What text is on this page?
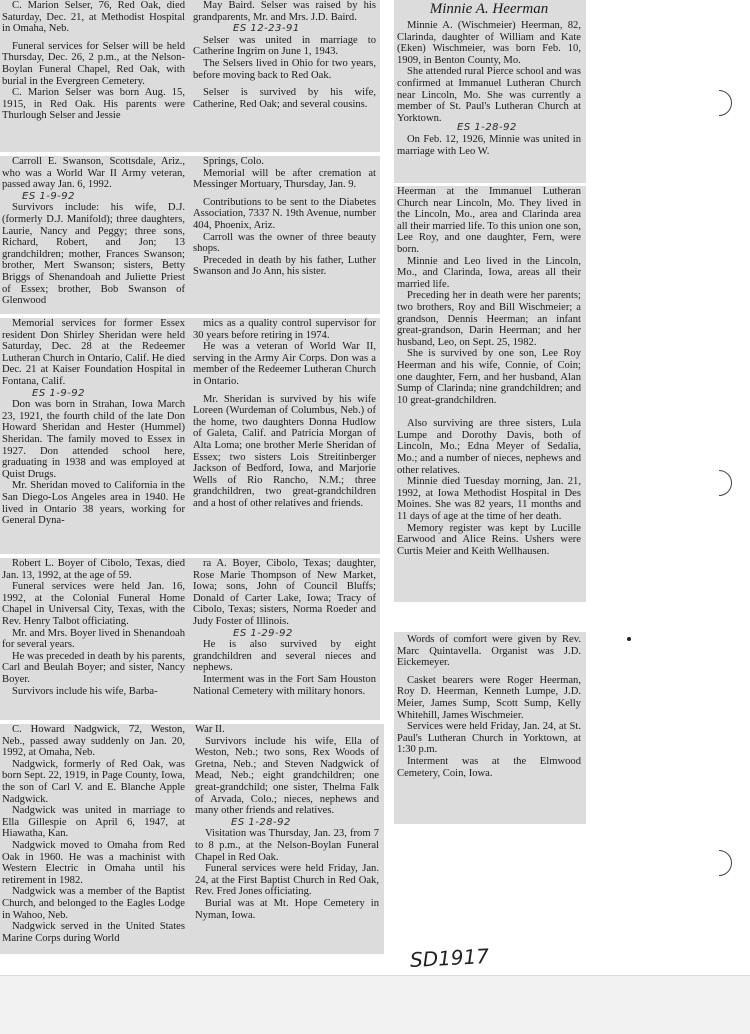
C. Marion Selser, 76, Red Oak, died Saturday, Dec. 21, at Methodist Hospital in Omaha, Neb.

Funeral services for Selser will be held Thursday, Dec. 26, 2 p.m., at the Nelson-Boylan Funeral Chapel, Red Oak, with burial in the Evergreen Cemetery.

C. Marion Selser was born Aug. 15, 1915, in Red Oak. His parents were Thurlough Selser and Jessie

May Baird. Selser was raised by his grandparents, Mr. and Mrs. J.D. Baird.

ES 12-23-91

Selser was united in marriage to Catherine Ingrim on June 1, 1943.

The Selsers lived in Ohio for two years, before moving back to Red Oak.

Selser is survived by his wife, Catherine, Red Oak; and several cousins.

Carroll E. Swanson, Scottsdale, Ariz., who was a World War II Army veteran, passed away Jan. 6, 1992.

ES 1-9-92

Survivors include: his wife, D.J. (formerly D.J. Manifold); three daughters, Laurie, Nancy and Peggy; three sons, Richard, Robert, and Jon; 13 grandchildren; mother, Frances Swanson; brother, Mert Swanson; sisters, Betty Briggs of Shenandoah and Juliette Priest of Essex; brother, Bob Swanson of Glenwood

Springs, Colo.

Memorial will be after cremation at Messinger Mortuary, Thursday, Jan. 9.

Contributions to be sent to the Diabetes Association, 7337 N. 19th Avenue, number 404, Phoenix, Ariz.

Carroll was the owner of three beauty shops.

Preceded in death by his father, Luther Swanson and Jo Ann, his sister.

Memorial services for former Essex resident Don Shirley Sheridan were held Saturday, Dec. 28 at the Redeemer Lutheran Church in Ontario, Calif. He died Dec. 21 at Kaiser Foundation Hospital in Fontana, Calif.

ES 1-9-92

Don was born in Strahan, Iowa March 23, 1921, the fourth child of the late Don Howard Sheridan and Hester (Hummel) Sheridan. The family moved to Essex in 1927. Don attended school here, graduating in 1938 and was employed at Quist Drugs.

Mr. Sheridan moved to California in the San Diego-Los Angeles area in 1940. He lived in Ontario 38 years, working for General Dyna-

mics as a quality control supervisor for 30 years before retiring in 1974.

He was a veteran of World War II, serving in the Army Air Corps. Don was a member of the Redeemer Lutheran Church in Ontario.

Mr. Sheridan is survived by his wife Loreen (Wurdeman of Columbus, Neb.) of the home, two daughters Donna Hudlow of Galeta, Calif. and Patricia Morgan of Alta Loma; one brother Merle Sheridan of Essex; two sisters Lois Streitinberger Jackson of Bedford, Iowa, and Marjorie Wells of Rio Rancho, N.M.; three grandchildren, two great-grandchildren and a host of other relatives and friends.

Robert L. Boyer of Cibolo, Texas, died Jan. 13, 1992, at the age of 59.

Funeral services were held Jan. 16, 1992, at the Colonial Funeral Home Chapel in Universal City, Texas, with the Rev. Henry Talbot officiating.

Mr. and Mrs. Boyer lived in Shenandoah for several years.

He was preceded in death by his parents, Carl and Beulah Boyer; and sister, Nancy Boyer.

Survivors include his wife, Barba-

ra A. Boyer, Cibolo, Texas; daughter, Rose Marie Thompson of New Market, Iowa; sons, John of Council Bluffs; Donald of Carter Lake, Iowa; Tracy of Cibolo, Texas; sisters, Norma Roeder and Judy Foster of Illinois.

ES 1-29-92

He is also survived by eight grandchildren and several nieces and nephews.

Interment was in the Fort Sam Houston National Cemetery with military honors.

C. Howard Nadgwick, 72, Weston, Neb., passed away suddenly on Jan. 20, 1992, at Omaha, Neb.

Nadgwick, formerly of Red Oak, was born Sept. 22, 1919, in Page County, Iowa, the son of Carl V. and E. Blanche Apple Nadgwick.

Nadgwick was united in marriage to Ella Gillespie on April 6, 1947, at Hiawatha, Kan.

Nadgwick moved to Omaha from Red Oak in 1960. He was a machinist with Western Electric in Omaha until his retirement in 1982.

Nadgwick was a member of the Baptist Church, and belonged to the Eagles Lodge in Wahoo, Neb.

Nadgwick served in the United States Marine Corps during World

War II.

Survivors include his wife, Ella of Weston, Neb.; two sons, Rex Woods of Gretna, Neb.; and Steven Nadgwick of Mead, Neb.; eight grandchildren; one great-grandchild; one sister, Thelma Falk of Arvada, Colo.; nieces, nephews and many other friends and relatives.

ES 1-28-92

Visitation was Thursday, Jan. 23, from 7 to 8 p.m., at the Nelson-Boylan Funeral Chapel in Red Oak.

Funeral services were held Friday, Jan. 24, at the First Baptist Church in Red Oak, Rev. Fred Jones officiating.

Burial was at Mt. Hope Cemetery in Nyman, Iowa.

Minnie A. Heerman

Minnie A. (Wischmeier) Heerman, 82, Clarinda, daughter of William and Kate (Eken) Wischmeier, was born Feb. 10, 1909, in Benton County, Mo.

She attended rural Pierce school and was confirmed at Immanuel Lutheran Church near Lincoln, Mo. She was currently a member of St. Paul's Lutheran Church at Yorktown.

ES 1-28-92

On Feb. 12, 1926, Minnie was united in marriage with Leo W.

Heerman at the Immanuel Lutheran Church near Lincoln, Mo. They lived in the Lincoln, Mo., area and Clarinda area all their married life. To this union one son, Lee Roy, and one daughter, Fern, were born.

Minnie and Leo lived in the Lincoln, Mo., and Clarinda, Iowa, areas all their married life.

Preceding her in death were her parents; two brothers, Roy and Bill Wischmeier; a grandson, Dennis Heerman; an infant great-grandson, Darin Heerman; and her husband, Leo, on Sept. 25, 1982.

She is survived by one son, Lee Roy Heerman and his wife, Connie, of Coin; one daughter, Fern, and her husband, Alan Sump of Clarinda; nine grandchildren; and 10 great-grandchildren.

Also surviving are three sisters, Lula Lumpe and Dorothy Davis, both of Lincoln, Mo.; Edna Meyer of Sedalia, Mo.; and a number of nieces, nephews and other relatives.

Minnie died Tuesday morning, Jan. 21, 1992, at Iowa Methodist Hospital in Des Moines. She was 82 years, 11 months and 11 days of age at the time of her death.

Memory register was kept by Lucille Earwood and Alice Reins. Ushers were Curtis Meier and Keith Wellhausen.

Words of comfort were given by Rev. Marc Quintavella. Organist was J.D. Eickemeyer.

Casket bearers were Roger Heerman, Roy D. Heerman, Kenneth Lumpe, J.D. Meier, James Sump, Scott Sump, Kelly Whitehill, James Wischmeier.

Services were held Friday, Jan. 24, at St. Paul's Lutheran Church in Yorktown, at 1:30 p.m.

Interment was at the Elmwood Cemetery, Coin, Iowa.

SD1917
